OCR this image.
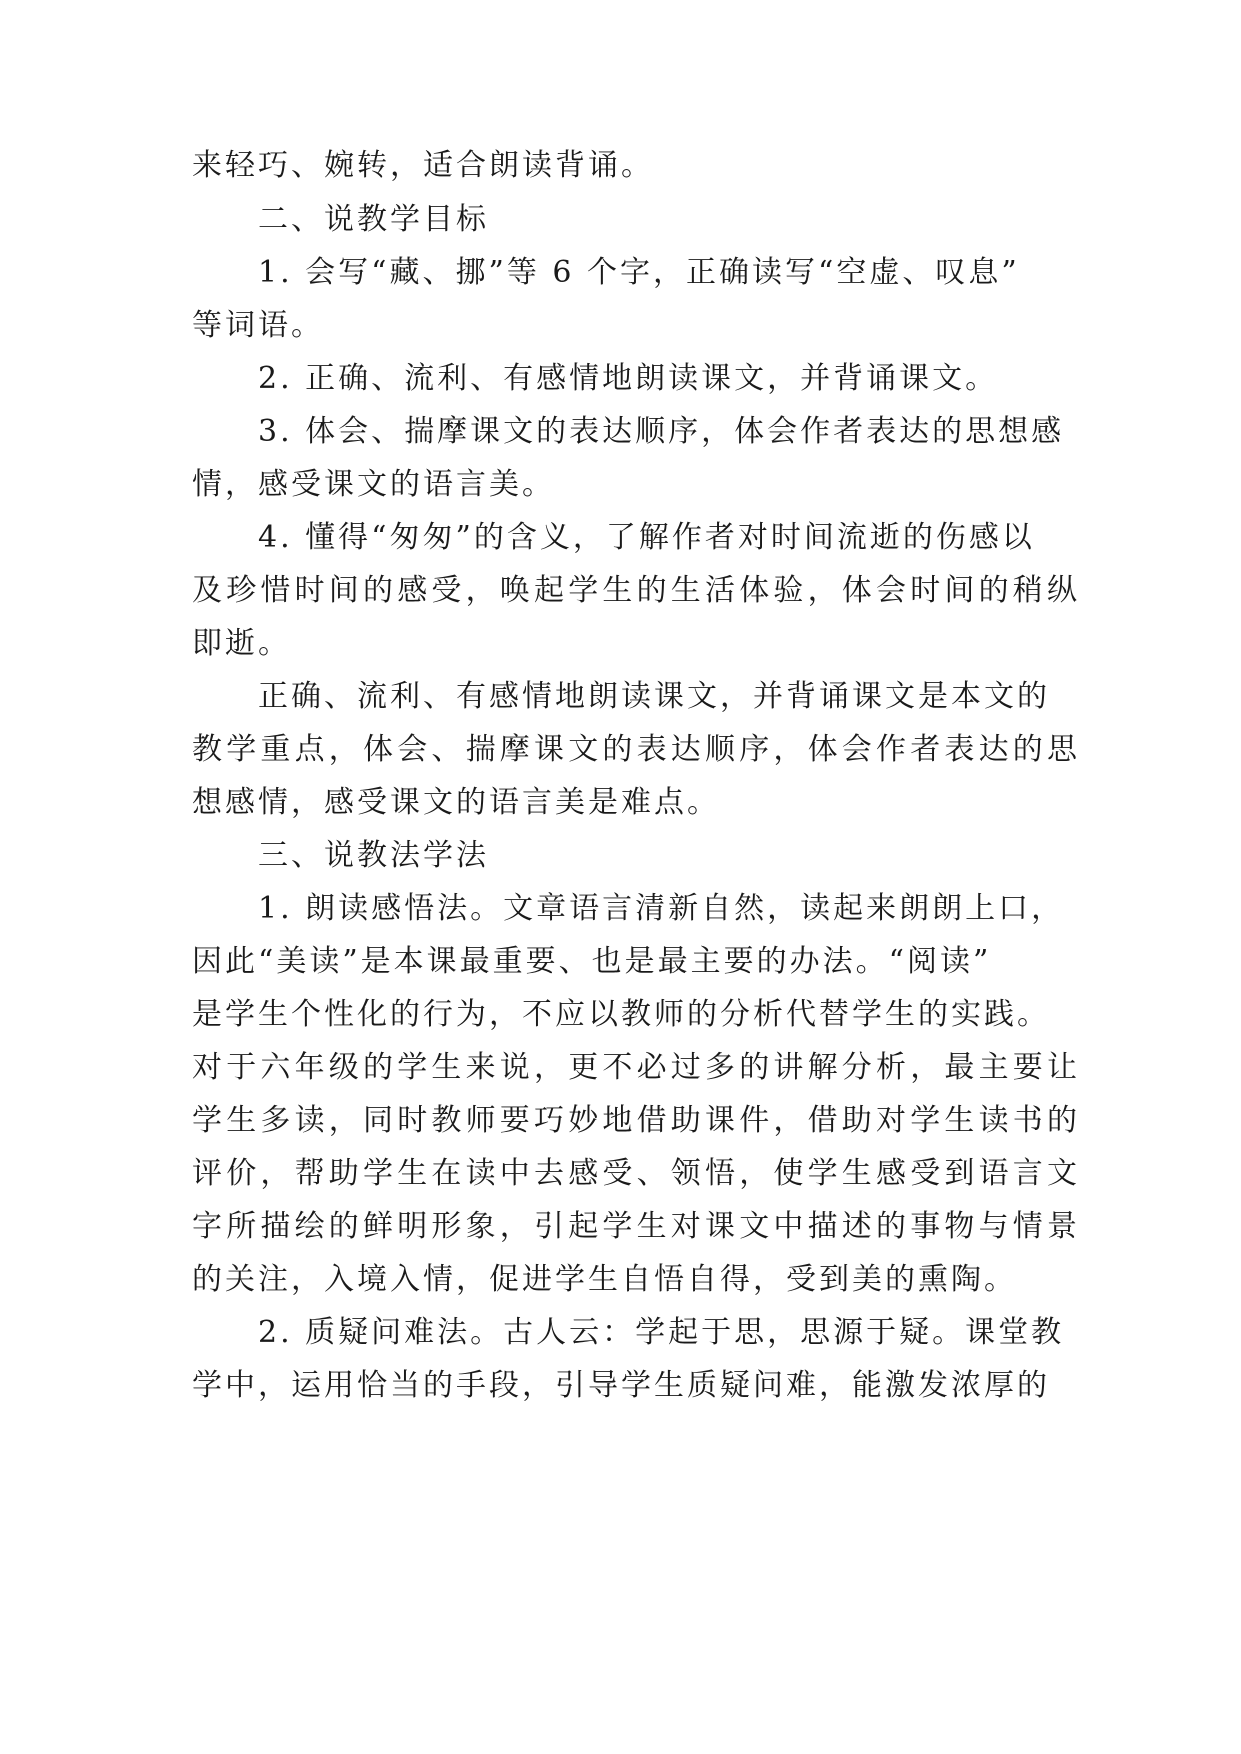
来轻巧、婉转，适合朗读背诵。

二、说教学目标

1. 会写“藏、挪”等 6 个字，正确读写“空虚、叹息”

等词语。

2. 正确、流利、有感情地朗读课文，并背诵课文。

3. 体会、揣摩课文的表达顺序，体会作者表达的思想感

情，感受课文的语言美。

4. 懂得“匆匆”的含义，了解作者对时间流逝的伤感以

及珍惜时间的感受，唤起学生的生活体验，体会时间的稍纵

即逝。

正确、流利、有感情地朗读课文，并背诵课文是本文的

教学重点，体会、揣摩课文的表达顺序，体会作者表达的思

想感情，感受课文的语言美是难点。

三、说教法学法

1. 朗读感悟法。文章语言清新自然，读起来朗朗上口，

因此“美读”是本课最重要、也是最主要的办法。“阅读”

是学生个性化的行为，不应以教师的分析代替学生的实践。

对于六年级的学生来说，更不必过多的讲解分析，最主要让

学生多读，同时教师要巧妙地借助课件，借助对学生读书的

评价，帮助学生在读中去感受、领悟，使学生感受到语言文

字所描绘的鲜明形象，引起学生对课文中描述的事物与情景

的关注，入境入情，促进学生自悟自得，受到美的熏陶。

2. 质疑问难法。古人云：学起于思，思源于疑。课堂教

学中，运用恰当的手段，引导学生质疑问难，能激发浓厚的
